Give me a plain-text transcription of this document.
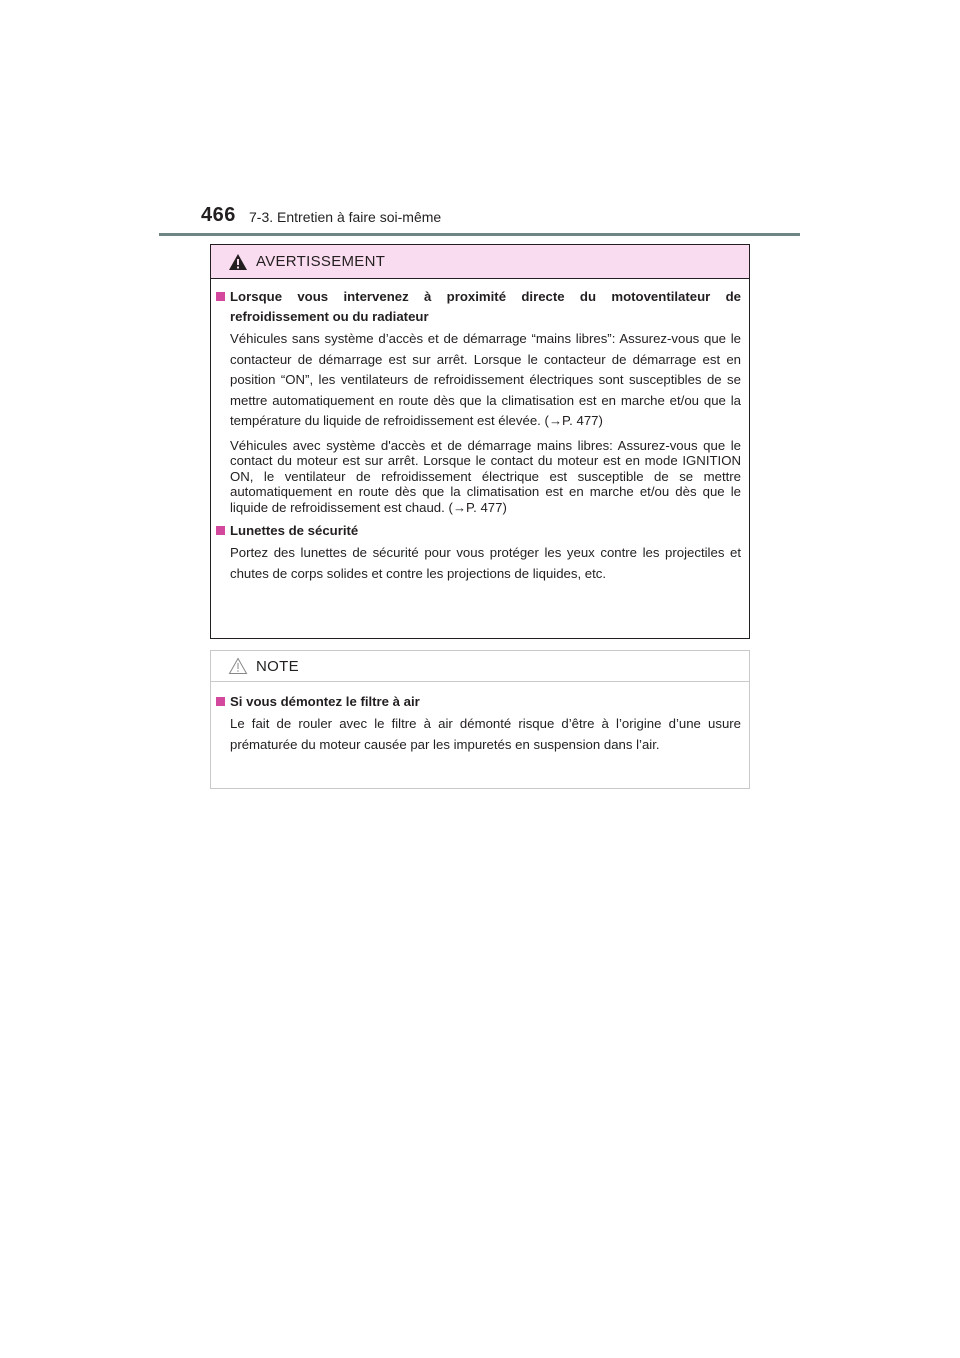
466 7-3. Entretien à faire soi-même
AVERTISSEMENT
Lorsque vous intervenez à proximité directe du motoventilateur de refroidissement ou du radiateur

Véhicules sans système d’accès et de démarrage “mains libres”: Assurez-vous que le contacteur de démarrage est sur arrêt. Lorsque le contacteur de démarrage est en position “ON”, les ventilateurs de refroidissement électriques sont susceptibles de se mettre automatiquement en route dès que la climatisation est en marche et/ou que la température du liquide de refroidissement est élevée. (→P. 477)

Véhicules avec système d'accès et de démarrage mains libres: Assurez-vous que le contact du moteur est sur arrêt. Lorsque le contact du moteur est en mode IGNITION ON, le ventilateur de refroidissement électrique est susceptible de se mettre automatiquement en route dès que la climatisation est en marche et/ou dès que le liquide de refroidissement est chaud. (→P. 477)

Lunettes de sécurité

Portez des lunettes de sécurité pour vous protéger les yeux contre les projectiles et chutes de corps solides et contre les projections de liquides, etc.

NOTE
Si vous démontez le filtre à air

Le fait de rouler avec le filtre à air démonté risque d’être à l’origine d’une usure prématurée du moteur causée par les impuretés en suspension dans l’air.
